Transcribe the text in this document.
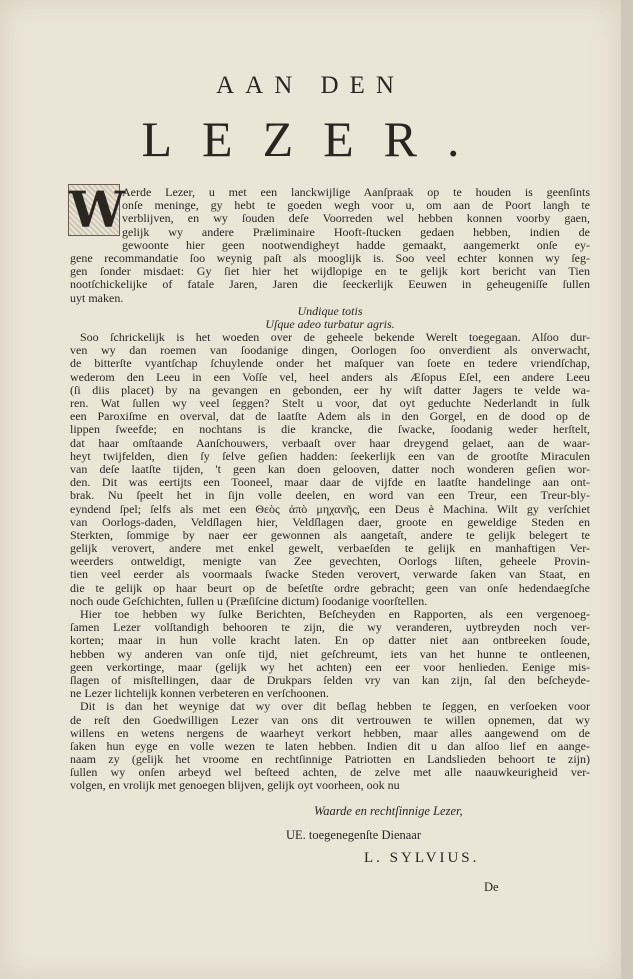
AAN DEN
LEZER.
W
Aerde Lezer, u met een lanckwijlige Aanſpraak op te houden is geenſints
onſe meninge, gy hebt te goeden wegh voor u, om aan de Poort langh te
verblijven, en wy ſouden deſe Voorreden wel hebben konnen voorby gaen,
gelijk wy andere Præliminaire Hooft-ſtucken gedaen hebben, indien de
gewoonte hier geen nootwendigheyt hadde gemaakt, aangemerkt onſe ey-
gene recommandatie ſoo weynig paſt als mooglijk is. Soo veel echter konnen wy ſeg-
gen ſonder misdaet: Gy ſiet hier het wijdlopige en te gelijk kort bericht van Tien
nootſchickelijke of fatale Jaren, Jaren die ſeeckerlijk Eeuwen in geheugeniſſe ſullen
uyt maken.
Undique totis
Uſque adeo turbatur agris.
Soo ſchrickelijk is het woeden over de geheele bekende Werelt toegegaan. Alſoo dur-
ven wy dan roemen van ſoodanige dingen, Oorlogen ſoo onverdient als onverwacht,
de bitterſte vyantſchap ſchuylende onder het maſquer van ſoete en tedere vriendſchap,
wederom den Leeu in een Voſſe vel, heel anders als Æſopus Eſel, een andere Leeu
(ſi diis placet) by na gevangen en gebonden, eer hy wiſt datter Jagers te velde wa-
ren. Wat ſullen wy veel ſeggen? Stelt u voor, dat oyt geduchte Nederlandt in ſulk
een Paroxiſme en overval, dat de laatſte Adem als in den Gorgel, en de dood op de
lippen ſweefde; en nochtans is die krancke, die ſwacke, ſoodanig weder herſtelt,
dat haar omſtaande Aanſchouwers, verbaaſt over haar dreygend gelaet, aan de waar-
heyt twijfelden, dien ſy ſelve geſien hadden: ſeekerlijk een van de grootſte Miraculen
van deſe laatſte tijden, 't geen kan doen gelooven, datter noch wonderen geſien wor-
den. Dit was eertijts een Tooneel, maar daar de vijfde en laatſte handelinge aan ont-
brak. Nu ſpeelt het in ſijn volle deelen, en word van een Treur, een Treur-bly-
eyndend ſpel; ſelfs als met een Θεὸς ἀπὸ μηχανῆς, een Deus è Machina. Wilt gy verſchiet
van Oorlogs-daden, Veldſlagen hier, Veldſlagen daer, groote en geweldige Steden en
Sterkten, ſommige by naer eer gewonnen als aangetaſt, andere te gelijk belegert te
gelijk verovert, andere met enkel gewelt, verbaeſden te gelijk en manhaftigen Ver-
weerders ontweldigt, menigte van Zee gevechten, Oorlogs liſten, geheele Provin-
tien veel eerder als voormaals ſwacke Steden verovert, verwarde ſaken van Staat, en
die te gelijk op haar beurt op de beſetſte ordre gebracht; geen van onſe hedendaegſche
noch oude Geſchichten, ſullen u (Præſiſcine dictum) ſoodanige voorſtellen.
Hier toe hebben wy ſulke Berichten, Beſcheyden en Rapporten, als een vergenoeg-
ſamen Lezer volſtandigh behooren te zijn, die wy veranderen, uytbreyden noch ver-
korten; maar in hun volle kracht laten. En op datter niet aan ontbreeken ſoude,
hebben wy anderen van onſe tijd, niet geſchreumt, iets van het hunne te ontleenen,
geen verkortinge, maar (gelijk wy het achten) een eer voor henlieden. Eenige mis-
ſlagen of misſtellingen, daar de Drukpars ſelden vry van kan zijn, ſal den beſcheyde-
ne Lezer lichtelijk konnen verbeteren en verſchoonen.
Dit is dan het weynige dat wy over dit beſlag hebben te ſeggen, en verſoeken voor
de reſt den Goedwilligen Lezer van ons dit vertrouwen te willen opnemen, dat wy
willens en wetens nergens de waarheyt verkort hebben, maar alles aangewend om de
ſaken hun eyge en volle wezen te laten hebben. Indien dit u dan alſoo lief en aange-
naam zy (gelijk het vroome en rechtſinnige Patriotten en Landslieden behoort te zijn)
ſullen wy onſen arbeyd wel beſteed achten, de zelve met alle naauwkeurigheid ver-
volgen, en vrolijk met genoegen blijven, gelijk oyt voorheen, ook nu
Waarde en rechtſinnige Lezer,
UE. toegenegenſte Dienaar
L. SYLVIUS.
De
